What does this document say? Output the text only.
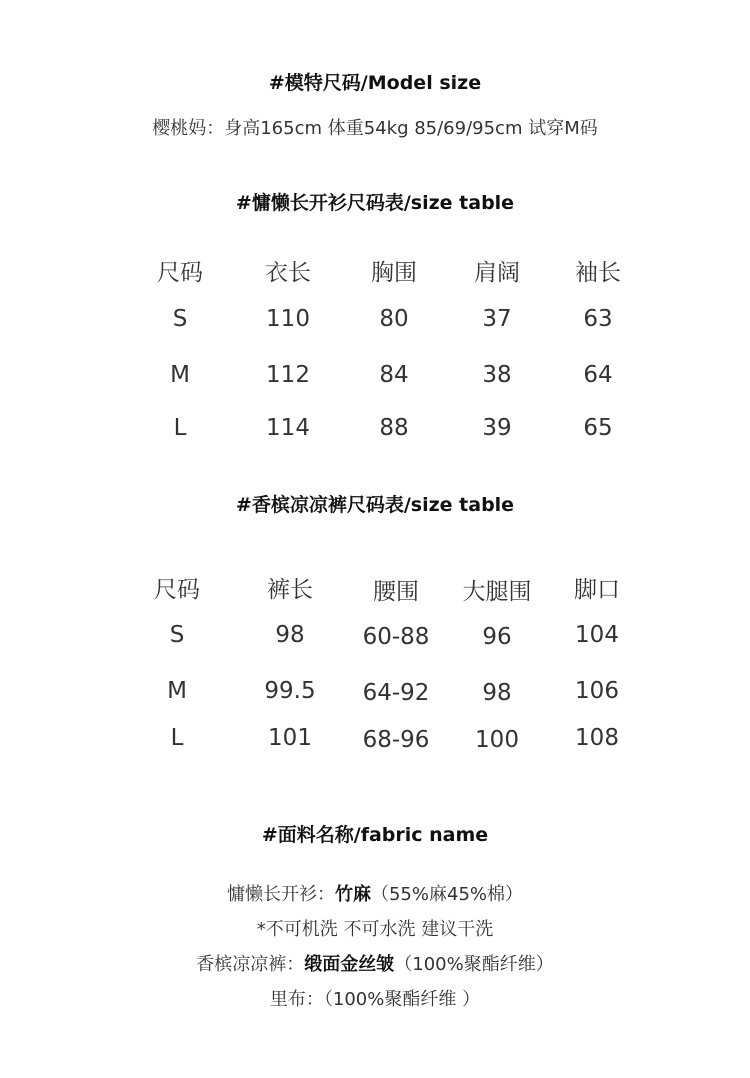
#模特尺码/Model size
樱桃妈：身高165cm 体重54kg 85/69/95cm 试穿M码
#慵懒长开衫尺码表/size table
尺码	衣长	胸围 肩阔 袖长
S	110	80	37	63
M	112	84	38	64
L	114	88	39	65
#香槟凉凉裤尺码表/size table
尺码	裤长	腰围 大腿围 脚口
S	98	60-88 96	104
M	99.5 64-92 98	106
L	101 68-96 100 108
#面料名称/fabric name
慵懒长开衫：竹麻（55%麻45%棉）
*不可机洗 不可水洗 建议干洗
香槟凉凉裤：缎面金丝皱（100%聚酯纤维）
里布：（100%聚酯纤维 ）
